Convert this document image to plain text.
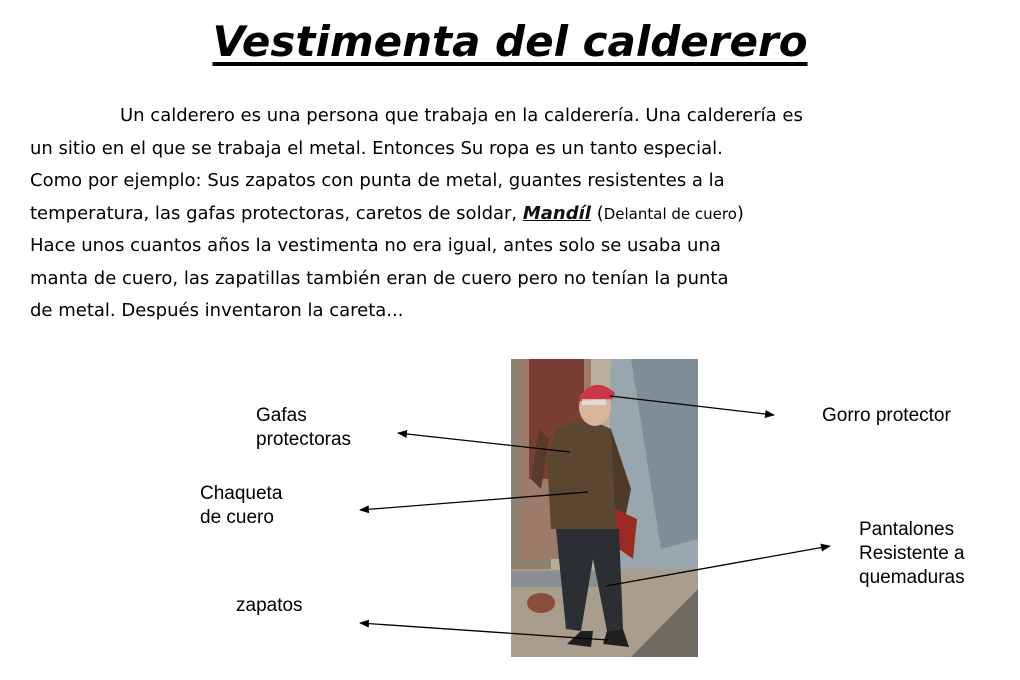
Vestimenta del calderero
Un calderero es una persona que trabaja en la calderería. Una calderería es
un sitio en el que se trabaja el metal. Entonces Su ropa es un tanto especial.
Como por ejemplo: Sus zapatos con punta de metal, guantes resistentes a la
temperatura, las gafas protectoras, caretos de soldar, Mandíl (Delantal de cuero)
Hace unos cuantos años la vestimenta no era igual, antes solo se usaba una
manta de cuero, las zapatillas también eran de cuero pero no tenían la punta
de metal. Después inventaron la careta...
Gafas
protectoras
Gorro protector
Chaqueta
de cuero
Pantalones
Resistente a
quemaduras
zapatos
